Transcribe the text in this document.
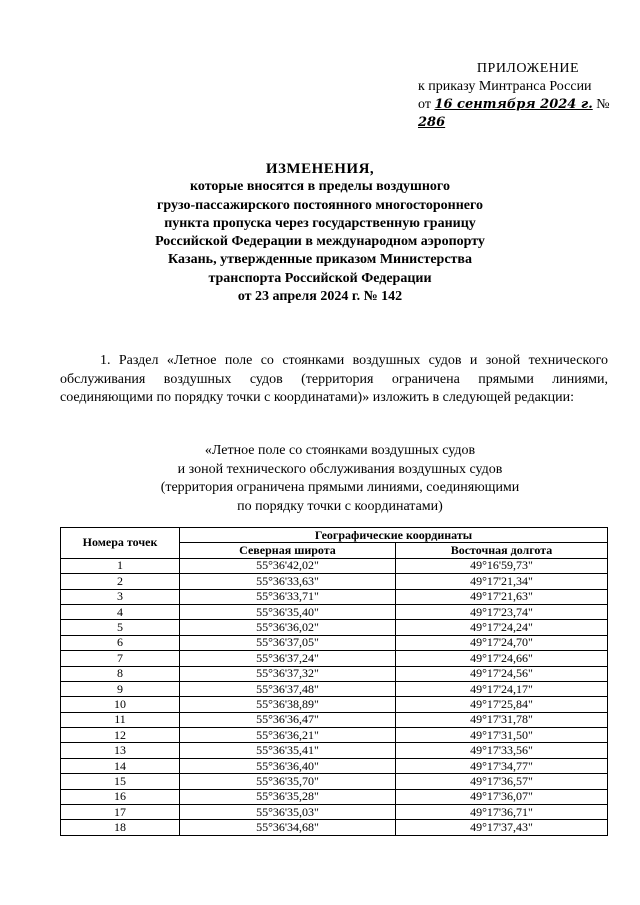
ПРИЛОЖЕНИЕ
к приказу Минтранса России
от 16 сентября 2024 г. № 286
ИЗМЕНЕНИЯ,
которые вносятся в пределы воздушного
грузо-пассажирского постоянного многостороннего
пункта пропуска через государственную границу
Российской Федерации в международном аэропорту
Казань, утвержденные приказом Министерства
транспорта Российской Федерации
от 23 апреля 2024 г. № 142
1. Раздел «Летное поле со стоянками воздушных судов и зоной технического обслуживания воздушных судов (территория ограничена прямыми линиями, соединяющими по порядку точки с координатами)» изложить в следующей редакции:
«Летное поле со стоянками воздушных судов
и зоной технического обслуживания воздушных судов
(территория ограничена прямыми линиями, соединяющими
по порядку точки с координатами)
Номера точек	Географические координаты	
	Северная широта	Восточная долгота
1	55°36'42,02"	49°16'59,73"
2	55°36'33,63"	49°17'21,34"
3	55°36'33,71"	49°17'21,63"
4	55°36'35,40"	49°17'23,74"
5	55°36'36,02"	49°17'24,24"
6	55°36'37,05"	49°17'24,70"
7	55°36'37,24"	49°17'24,66"
8	55°36'37,32"	49°17'24,56"
9	55°36'37,48"	49°17'24,17"
10	55°36'38,89"	49°17'25,84"
11	55°36'36,47"	49°17'31,78"
12	55°36'36,21"	49°17'31,50"
13	55°36'35,41"	49°17'33,56"
14	55°36'36,40"	49°17'34,77"
15	55°36'35,70"	49°17'36,57"
16	55°36'35,28"	49°17'36,07"
17	55°36'35,03"	49°17'36,71"
18	55°36'34,68"	49°17'37,43"
